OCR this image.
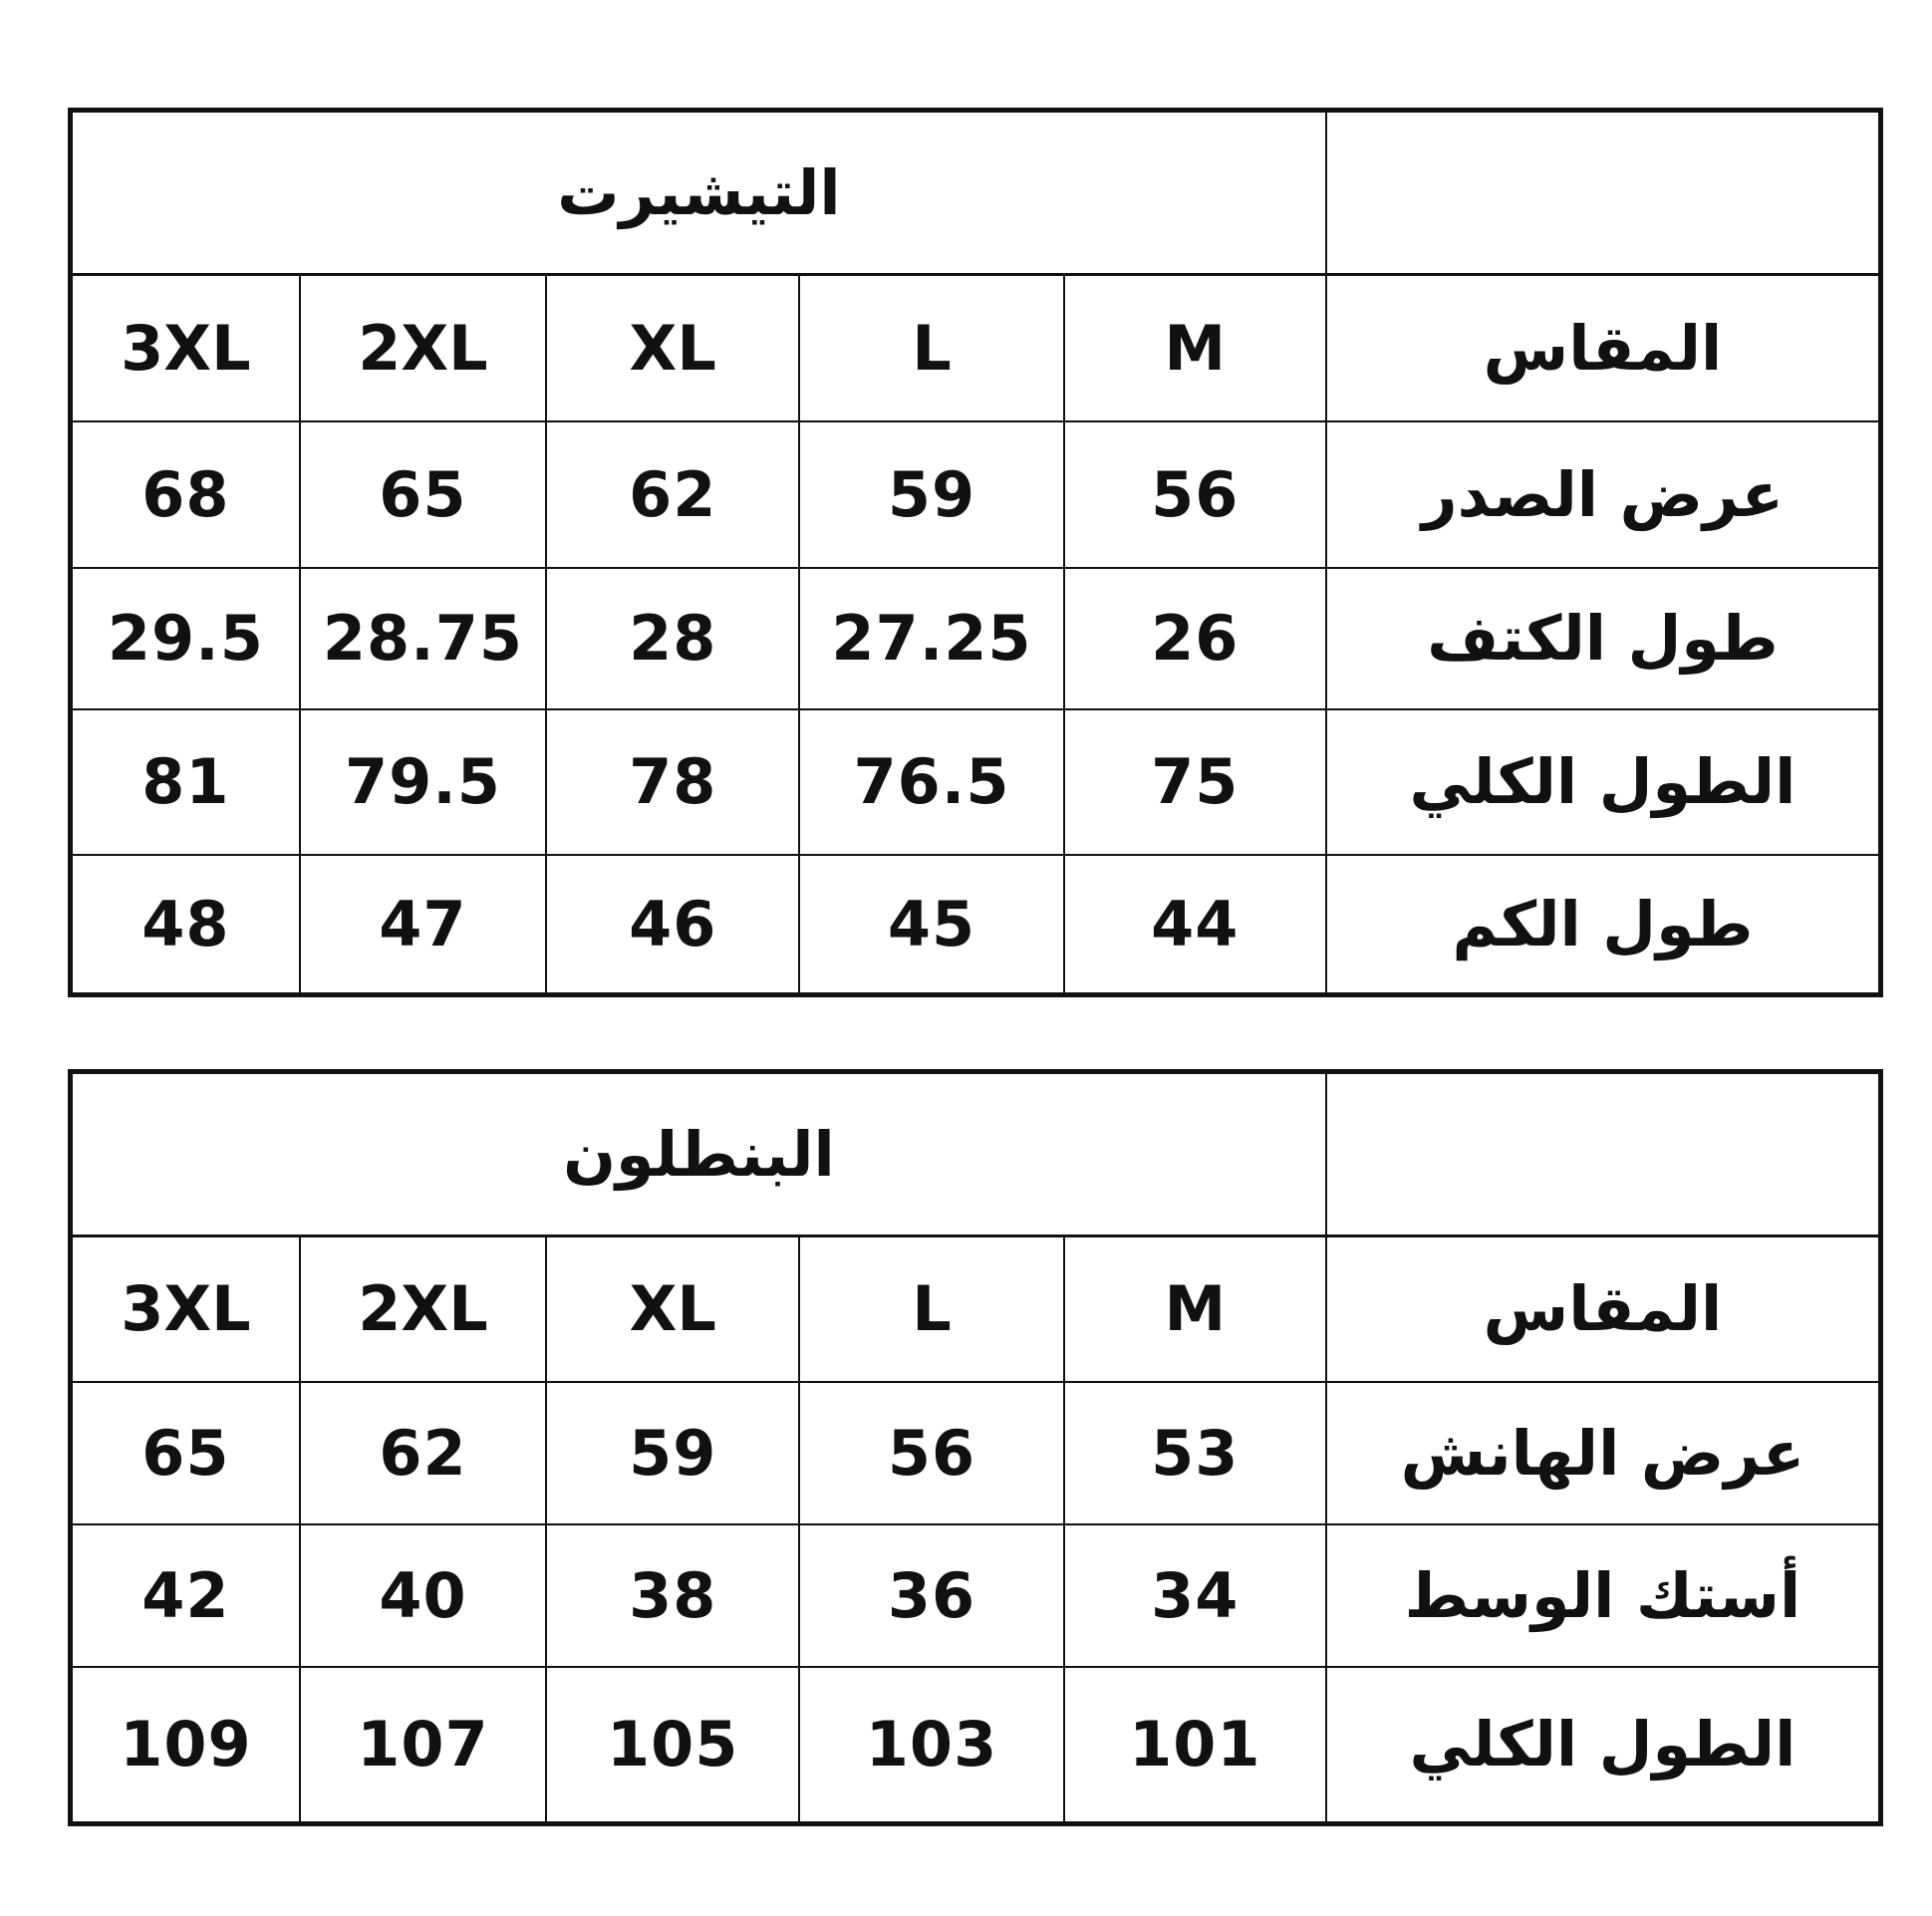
	التيشيرت				
المقاس	M	L	XL	2XL	3XL
عرض الصدر	56	59	62	65	68
طول الكتف	26	27.25	28	28.75	29.5
الطول الكلي	75	76.5	78	79.5	81
طول الكم	44	45	46	47	48
	البنطلون				
المقاس	M	L	XL	2XL	3XL
عرض الهانش	53	56	59	62	65
أستك الوسط	34	36	38	40	42
الطول الكلي	101	103	105	107	109
